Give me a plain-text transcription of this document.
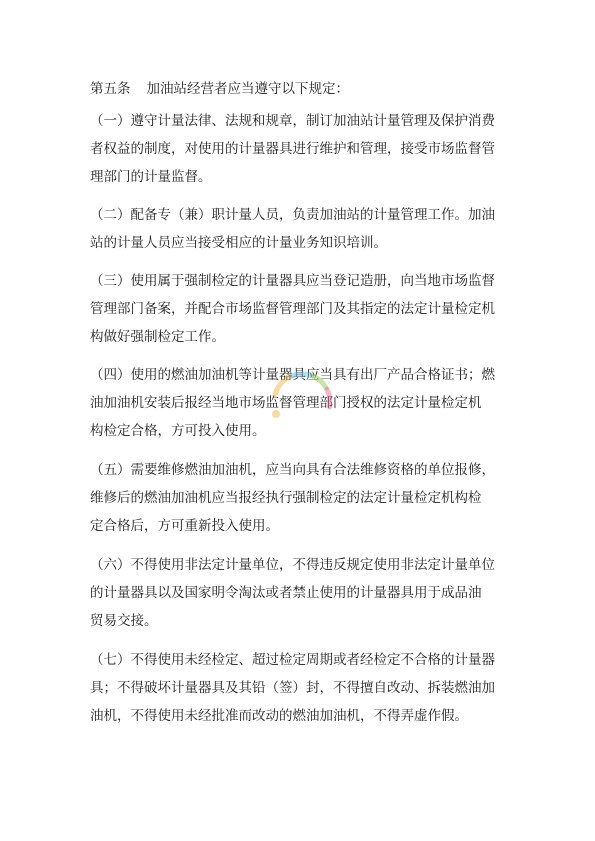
第五条 加油站经营者应当遵守以下规定：
（一）遵守计量法律、法规和规章，制订加油站计量管理及保护消费
者权益的制度，对使用的计量器具进行维护和管理，接受市场监督管
理部门的计量监督。
（二）配备专（兼）职计量人员，负责加油站的计量管理工作。加油
站的计量人员应当接受相应的计量业务知识培训。
（三）使用属于强制检定的计量器具应当登记造册，向当地市场监督
管理部门备案，并配合市场监督管理部门及其指定的法定计量检定机
构做好强制检定工作。
（四）使用的燃油加油机等计量器具应当具有出厂产品合格证书；燃
油加油机安装后报经当地市场监督管理部门授权的法定计量检定机
构检定合格，方可投入使用。
（五）需要维修燃油加油机，应当向具有合法维修资格的单位报修，
维修后的燃油加油机应当报经执行强制检定的法定计量检定机构检
定合格后，方可重新投入使用。
（六）不得使用非法定计量单位，不得违反规定使用非法定计量单位
的计量器具以及国家明令淘汰或者禁止使用的计量器具用于成品油
贸易交接。
（七）不得使用未经检定、超过检定周期或者经检定不合格的计量器
具；不得破坏计量器具及其铅（签）封，不得擅自改动、拆装燃油加
油机，不得使用未经批准而改动的燃油加油机，不得弄虚作假。
